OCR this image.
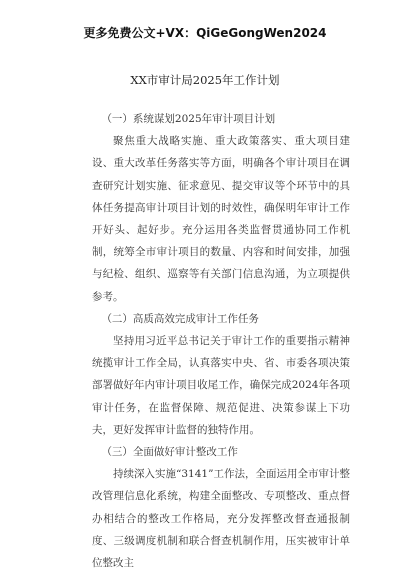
更多免费公文+VX：QiGeGongWen2024
XX市审计局2025年工作计划
（一）系统谋划2025年审计项目计划

聚焦重大战略实施、重大政策落实、重大项目建设、重大改革任务落实等方面，明确各个审计项目在调查研究计划实施、征求意见、提交审议等个环节中的具体任务提高审计项目计划的时效性，确保明年审计工作开好头、起好步。充分运用各类监督贯通协同工作机制，统筹全市审计项目的数量、内容和时间安排，加强与纪检、组织、巡察等有关部门信息沟通，为立项提供参考。

（二）高质高效完成审计工作任务

坚持用习近平总书记关于审计工作的重要指示精神统揽审计工作全局，认真落实中央、省、市委各项决策部署做好年内审计项目收尾工作，确保完成2024年各项审计任务，在监督保障、规范促进、决策参谋上下功夫，更好发挥审计监督的独特作用。

（三）全面做好审计整改工作

持续深入实施“3141”工作法，全面运用全市审计整改管理信息化系统，构建全面整改、专项整改、重点督办相结合的整改工作格局，充分发挥整改督查通报制度、三级调度机制和联合督查机制作用，压实被审计单位整改主
